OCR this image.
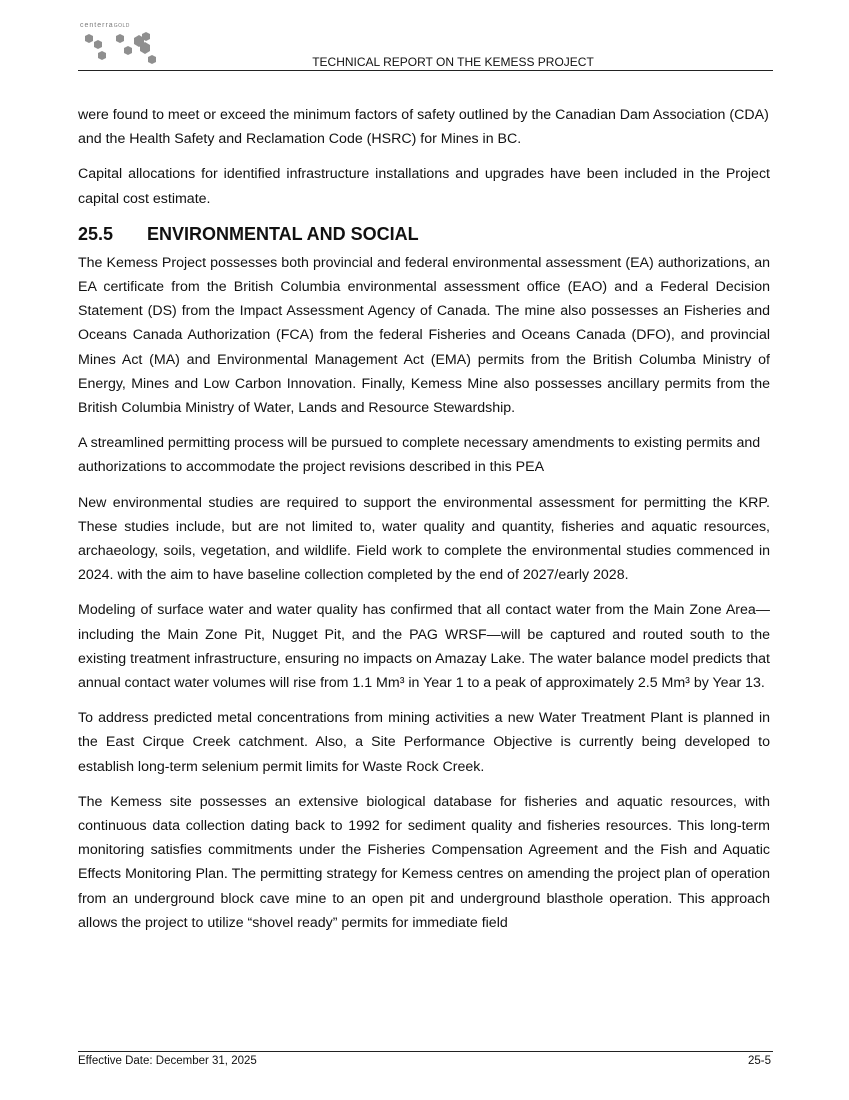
centerraGOLD
TECHNICAL REPORT ON THE KEMESS PROJECT

were found to meet or exceed the minimum factors of safety outlined by the Canadian Dam Association (CDA) and the Health Safety and Reclamation Code (HSRC) for Mines in BC.

Capital allocations for identified infrastructure installations and upgrades have been included in the Project capital cost estimate.

25.5	ENVIRONMENTAL AND SOCIAL

The Kemess Project possesses both provincial and federal environmental assessment (EA) authorizations, an EA certificate from the British Columbia environmental assessment office (EAO) and a Federal Decision Statement (DS) from the Impact Assessment Agency of Canada. The mine also possesses an Fisheries and Oceans Canada Authorization (FCA) from the federal Fisheries and Oceans Canada (DFO), and provincial Mines Act (MA) and Environmental Management Act (EMA) permits from the British Columba Ministry of Energy, Mines and Low Carbon Innovation. Finally, Kemess Mine also possesses ancillary permits from the British Columbia Ministry of Water, Lands and Resource Stewardship.

A streamlined permitting process will be pursued to complete necessary amendments to existing permits and authorizations to accommodate the project revisions described in this PEA

New environmental studies are required to support the environmental assessment for permitting the KRP. These studies include, but are not limited to, water quality and quantity, fisheries and aquatic resources, archaeology, soils, vegetation, and wildlife. Field work to complete the environmental studies commenced in 2024. with the aim to have baseline collection completed by the end of 2027/early 2028.

Modeling of surface water and water quality has confirmed that all contact water from the Main Zone Area—including the Main Zone Pit, Nugget Pit, and the PAG WRSF—will be captured and routed south to the existing treatment infrastructure, ensuring no impacts on Amazay Lake. The water balance model predicts that annual contact water volumes will rise from 1.1 Mm³ in Year 1 to a peak of approximately 2.5 Mm³ by Year 13.

To address predicted metal concentrations from mining activities a new Water Treatment Plant is planned in the East Cirque Creek catchment. Also, a Site Performance Objective is currently being developed to establish long-term selenium permit limits for Waste Rock Creek.

The Kemess site possesses an extensive biological database for fisheries and aquatic resources, with continuous data collection dating back to 1992 for sediment quality and fisheries resources. This long-term monitoring satisfies commitments under the Fisheries Compensation Agreement and the Fish and Aquatic Effects Monitoring Plan. The permitting strategy for Kemess centres on amending the project plan of operation from an underground block cave mine to an open pit and underground blasthole operation. This approach allows the project to utilize “shovel ready” permits for immediate field

Effective Date: December 31, 2025	25-5
